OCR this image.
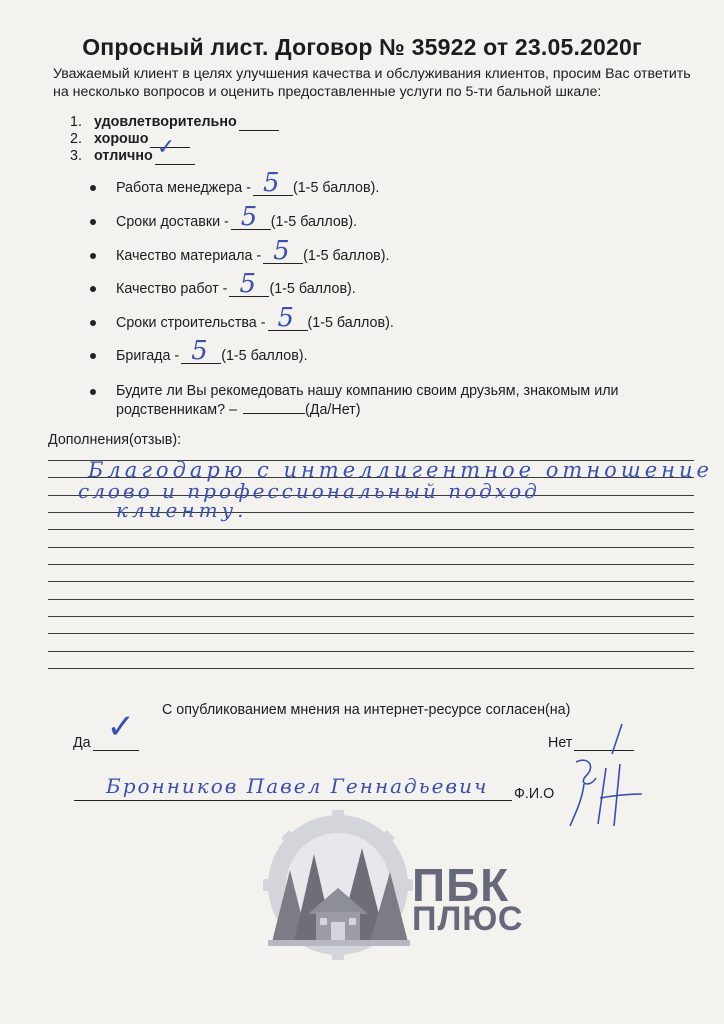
Опросный лист. Договор № 35922 от 23.05.2020г
Уважаемый клиент в целях улучшения качества и обслуживания клиентов, просим Вас ответить на несколько вопросов и оценить предоставленные услуги по 5-ти бальной шкале:
1. удовлетворительно
2. хорошо
3. отлично ✓
Работа менеджера - 5 (1-5 баллов).
Сроки доставки - 5 (1-5 баллов).
Качество материала - 5 (1-5 баллов).
Качество работ - 5 (1-5 баллов).
Сроки строительства - 5 (1-5 баллов).
Бригада - 5 (1-5 баллов).
Будите ли Вы рекомедовать нашу компанию своим друзьям, знакомым или родственникам? –	(Да/Нет)
Дополнения(отзыв):
Благодарю с интеллигентное отношение
слово и профессиональный подход
клиенту.
С опубликованием мнения на интернет-ресурсе согласен(на)
Да ✓	Нет
Бронников Павел Геннадьевич Ф.И.О
ПБК
ПЛЮС
